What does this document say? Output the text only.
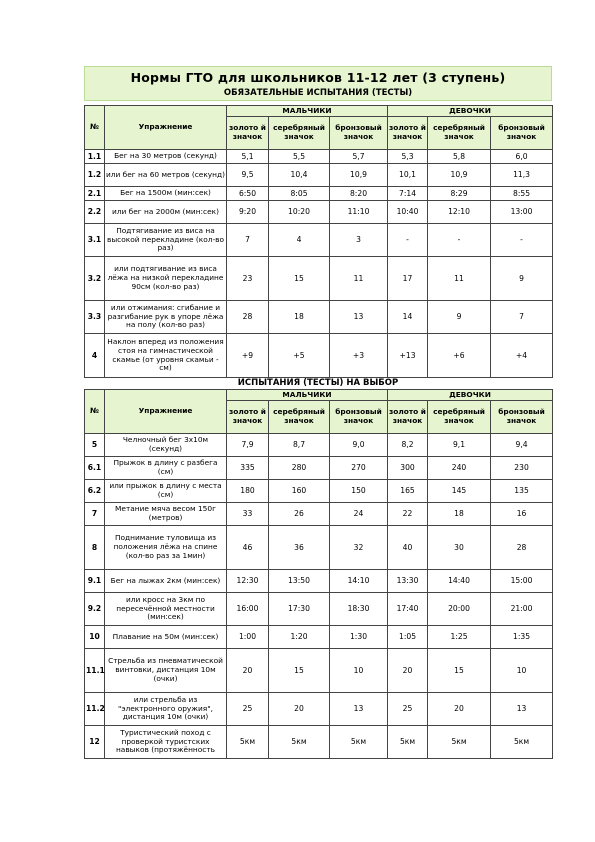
Нормы ГТО для школьников 11-12 лет (3 ступень)
ОБЯЗАТЕЛЬНЫЕ ИСПЫТАНИЯ (ТЕСТЫ)
№	Упражнение	МАЛЬЧИКИ			ДЕВОЧКИ		
		золото й значок	серебряный значок	бронзовый значок	золото й значок	серебряный значок	бронзовый значок
1.1	Бег на 30 метров (секунд)	5,1	5,5	5,7	5,3	5,8	6,0
1.2	или бег на 60 метров (секунд)	9,5	10,4	10,9	10,1	10,9	11,3
2.1	Бег на 1500м (мин:сек)	6:50	8:05	8:20	7:14	8:29	8:55
2.2	или бег на 2000м (мин:сек)	9:20	10:20	11:10	10:40	12:10	13:00
3.1	Подтягивание из виса на высокой перекладине (кол-во раз)	7	4	3	-	-	-
3.2	или подтягивание из виса лёжа на низкой перекладине 90см (кол-во раз)	23	15	11	17	11	9
3.3	или отжимания: сгибание и разгибание рук в упоре лёжа на полу (кол-во раз)	28	18	13	14	9	7
4	Наклон вперед из положения стоя на гимнастической скамье (от уровня скамьи - см)	+9	+5	+3	+13	+6	+4
ИСПЫТАНИЯ (ТЕСТЫ) НА ВЫБОР
№	Упражнение	МАЛЬЧИКИ			ДЕВОЧКИ		
		золото й значок	серебряный значок	бронзовый значок	золото й значок	серебряный значок	бронзовый значок
5	Челночный бег 3х10м (секунд)	7,9	8,7	9,0	8,2	9,1	9,4
6.1	Прыжок в длину с разбега (см)	335	280	270	300	240	230
6.2	или прыжок в длину с места (см)	180	160	150	165	145	135
7	Метание мяча весом 150г (метров)	33	26	24	22	18	16
8	Поднимание туловища из положения лёжа на спине (кол-во раз за 1мин)	46	36	32	40	30	28
9.1	Бег на лыжах 2км (мин:сек)	12:30	13:50	14:10	13:30	14:40	15:00
9.2	или кросс на 3км по пересечённой местности (мин:сек)	16:00	17:30	18:30	17:40	20:00	21:00
10	Плавание на 50м (мин:сек)	1:00	1:20	1:30	1:05	1:25	1:35
11.1	Стрельба из пневматической винтовки, дистанция 10м (очки)	20	15	10	20	15	10
11.2	или стрельба из "электронного оружия", дистанция 10м (очки)	25	20	13	25	20	13
12	Туристический поход с проверкой туристских навыков (протяжённость	5км	5км	5км	5км	5км	5км
